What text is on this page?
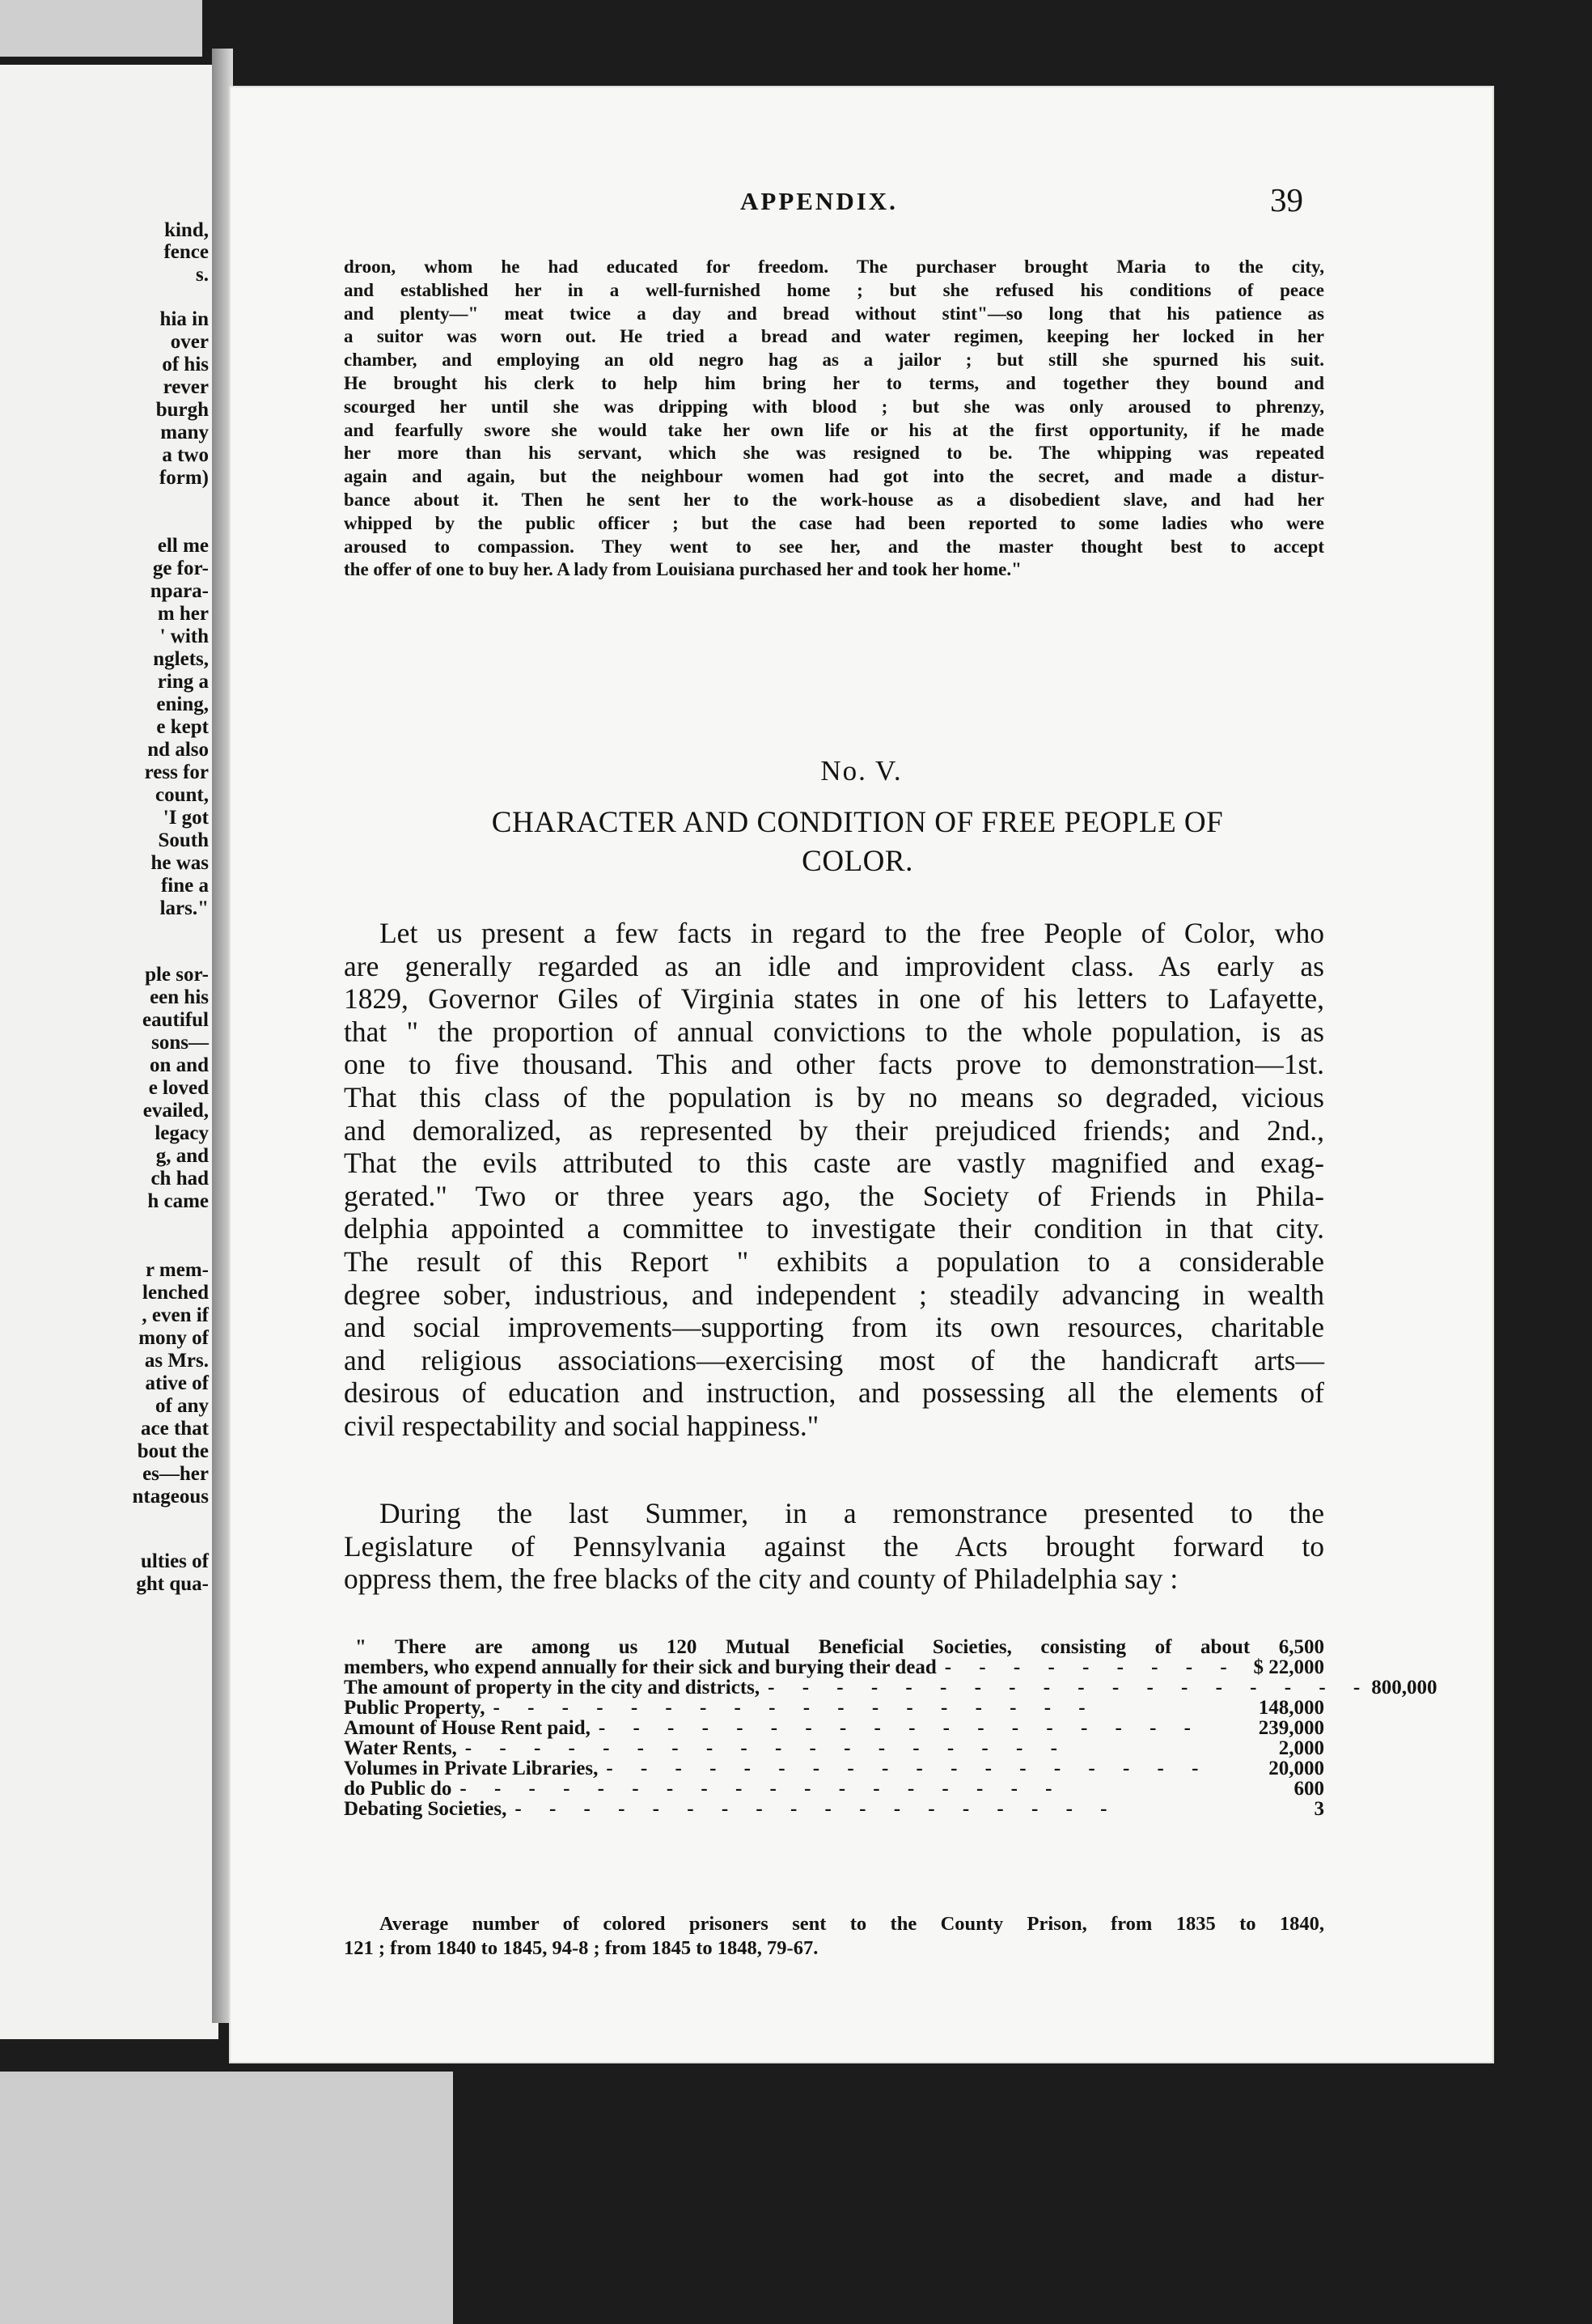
kind,
fence
s.
hia in
over
of his
rever
burgh
many
a two
form)
ell me
ge for-
npara-
m her
' with
nglets,
ring a
ening,
e kept
nd also
ress for
count,
'I got
South
he was
fine a
lars."
ple sor-
een his
eautiful
sons—
on and
e loved
evailed,
legacy
g, and
ch had
h came
r mem-
lenched
, even if
mony of
as Mrs.
ative of
of any
ace that
bout the
es—her
ntageous
ulties of
ght qua-
APPENDIX.	39
droon, whom he had educated for freedom. The purchaser brought Maria to the city,
and established her in a well-furnished home ; but she refused his conditions of peace
and plenty—" meat twice a day and bread without stint"—so long that his patience as
a suitor was worn out. He tried a bread and water regimen, keeping her locked in her
chamber, and employing an old negro hag as a jailor ; but still she spurned his suit.
He brought his clerk to help him bring her to terms, and together they bound and
scourged her until she was dripping with blood ; but she was only aroused to phrenzy,
and fearfully swore she would take her own life or his at the first opportunity, if he made
her more than his servant, which she was resigned to be. The whipping was repeated
again and again, but the neighbour women had got into the secret, and made a distur-
bance about it. Then he sent her to the work-house as a disobedient slave, and had her
whipped by the public officer ; but the case had been reported to some ladies who were
aroused to compassion. They went to see her, and the master thought best to accept
the offer of one to buy her. A lady from Louisiana purchased her and took her home."
No. V.
CHARACTER AND CONDITION OF FREE PEOPLE OF
COLOR.
Let us present a few facts in regard to the free People of Color, who
are generally regarded as an idle and improvident class. As early as
1829, Governor Giles of Virginia states in one of his letters to Lafayette,
that " the proportion of annual convictions to the whole population, is as
one to five thousand. This and other facts prove to demonstration—1st.
That this class of the population is by no means so degraded, vicious
and demoralized, as represented by their prejudiced friends; and 2nd.,
That the evils attributed to this caste are vastly magnified and exag-
gerated." Two or three years ago, the Society of Friends in Phila-
delphia appointed a committee to investigate their condition in that city.
The result of this Report " exhibits a population to a considerable
degree sober, industrious, and independent ; steadily advancing in wealth
and social improvements—supporting from its own resources, charitable
and religious associations—exercising most of the handicraft arts—
desirous of education and instruction, and possessing all the elements of
civil respectability and social happiness."
During the last Summer, in a remonstrance presented to the
Legislature of Pennsylvania against the Acts brought forward to
oppress them, the free blacks of the city and county of Philadelphia say :
" There are among us 120 Mutual Beneficial Societies, consisting of about 6,500
members, who expend annually for their sick and burying their dead - - - - - - - - - $ 22,000
The amount of property in the city and districts, - - - - - - - - - - - - - - - - - - 800,000
Public Property, - - - - - - - - - - - - - - - - - -	148,000
Amount of House Rent paid, - - - - - - - - - - - - - - - - - -	239,000
Water Rents, - - - - - - - - - - - - - - - - - -	2,000
Volumes in Private Libraries, - - - - - - - - - - - - - - - - - -	20,000
do Public do - - - - - - - - - - - - - - - - - -	600
Debating Societies, - - - - - - - - - - - - - - - - - -	3
Average number of colored prisoners sent to the County Prison, from 1835 to 1840,
121 ; from 1840 to 1845, 94-8 ; from 1845 to 1848, 79-67.
